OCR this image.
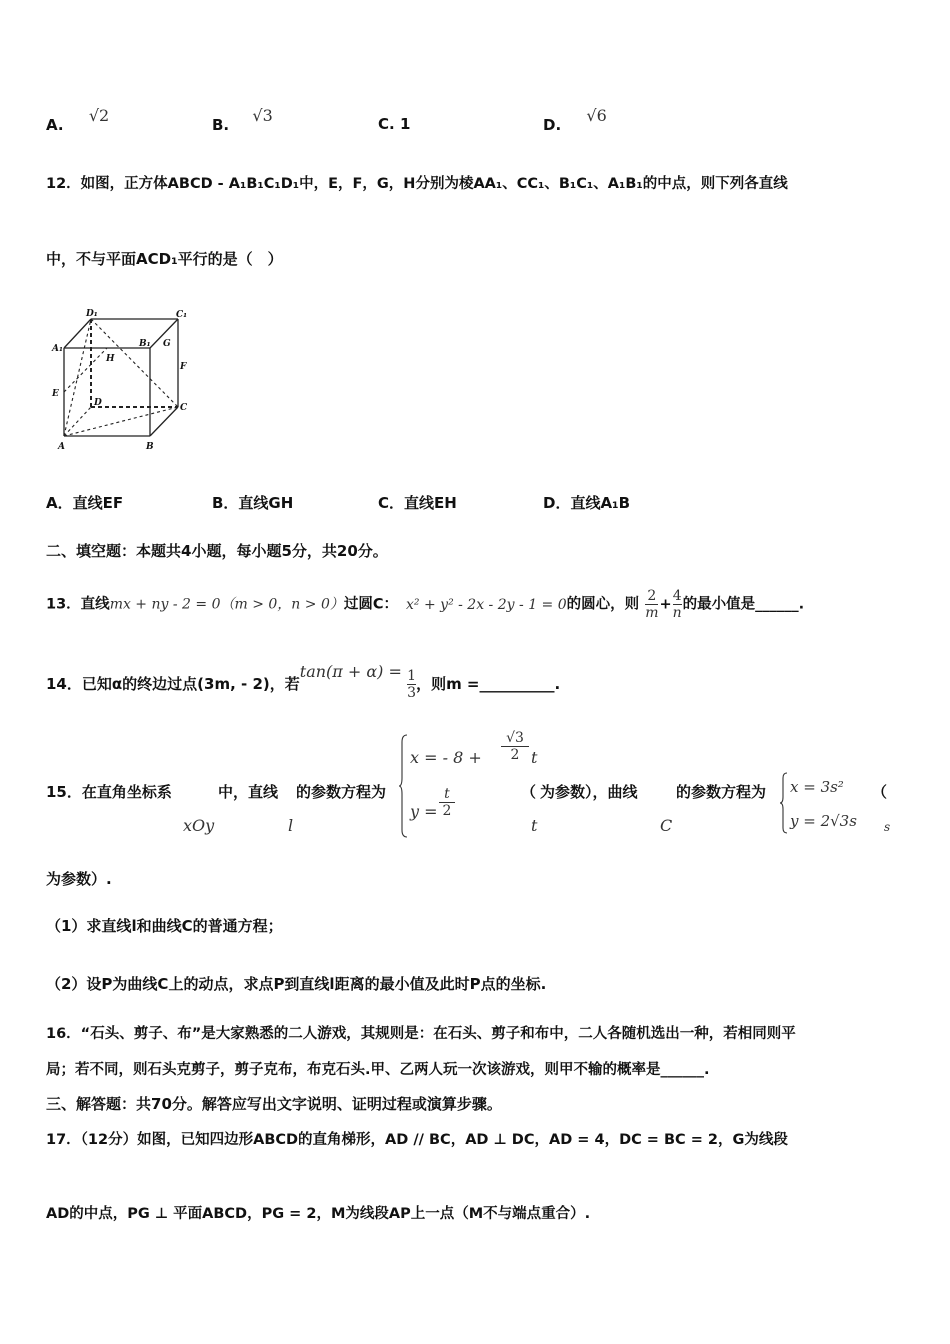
A. √2	B. √3	C. 1	D. √6
12．如图，正方体ABCD - A₁B₁C₁D₁中，E，F，G，H分别为棱AA₁、CC₁、B₁C₁、A₁B₁的中点，则下列各直线
中，不与平面ACD₁平行的是（　）
D₁	C₁
A₁	B₁ G
H
F
E
D	C
A	B
A．直线EF	B．直线GH	C．直线EH	D．直线A₁B
二、填空题：本题共4小题，每小题5分，共20分。
13．直线mx + ny - 2 = 0（m > 0，n > 0）过圆C： x² + y² - 2x - 2y - 1 = 0的圆心，则 $\frac{2}{m} + \frac{4}{n}$ 的最小值是______.
14．已知α的终边过点(3m, - 2)，若$\tan(\pi + \alpha) = \frac{1}{3}$ ，则m =__________.
15．在直角坐标系
xOy
中，直线
l
的参数方程为
x = - 8 +
√3
2 t
y =
t
2
（
t
为参数），曲线
C
的参数方程为 x = 3s²
y = 2√3s
（
s
为参数）.
（1）求直线l和曲线C的普通方程；
（2）设P为曲线C上的动点，求点P到直线l距离的最小值及此时P点的坐标.
16．“石头、剪子、布”是大家熟悉的二人游戏，其规则是：在石头、剪子和布中，二人各随机选出一种，若相同则平
局；若不同，则石头克剪子，剪子克布，布克石头.甲、乙两人玩一次该游戏，则甲不输的概率是______.
三、解答题：共70分。解答应写出文字说明、证明过程或演算步骤。
17．（12分）如图，已知四边形ABCD的直角梯形，AD // BC，AD ⊥ DC，AD = 4，DC = BC = 2，G为线段
AD的中点，PG ⊥ 平面ABCD，PG = 2，M为线段AP上一点（M不与端点重合）.
